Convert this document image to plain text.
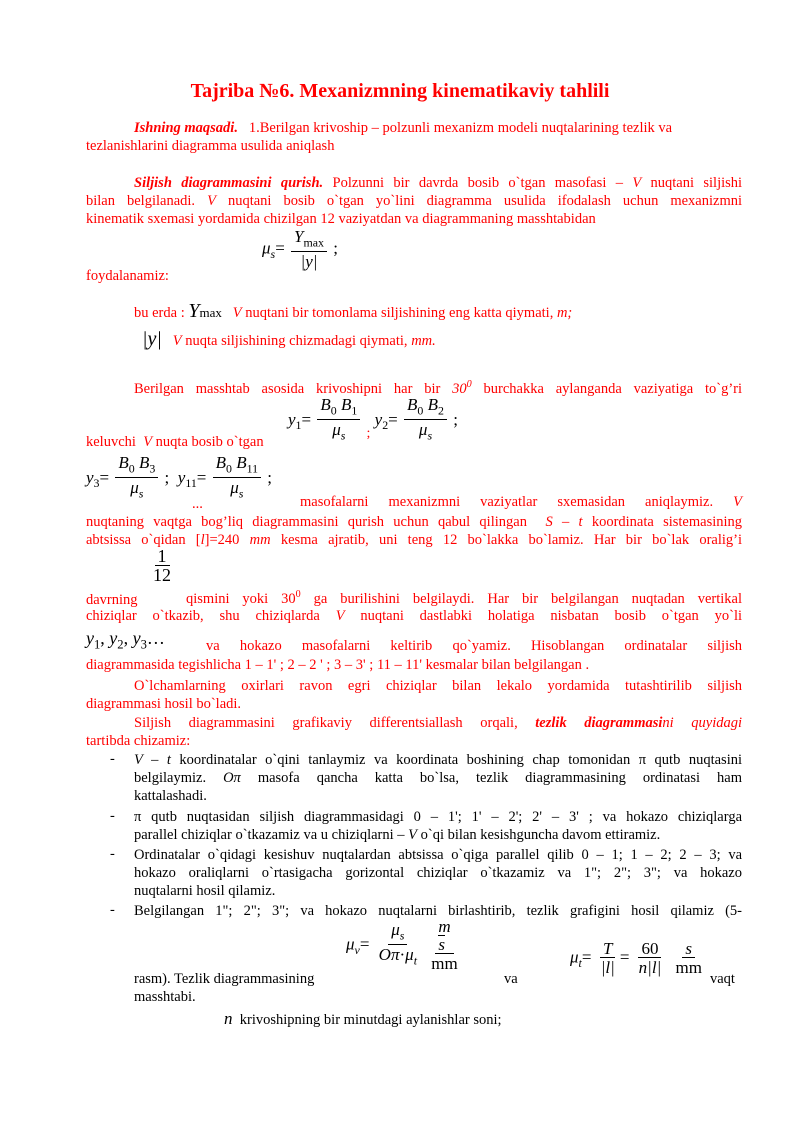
Tajriba №6. Mexanizmning kinematikaviy tahlili
Ishning maqsadi. 1.Berilgan krivoship – polzunli mexanizm modeli nuqtalarining tezlik va
tezlanishlarini diagramma usulida aniqlash
Siljish diagrammasini qurish. Polzunni bir davrda bosib o`tgan masofasi – V nuqtani siljishi
bilan belgilanadi. V nuqtani bosib o`tgan yo`lini diagramma usulida ifodalash uchun mexanizmni
kinematik sxemasi yordamida chizilgan 12 vaziyatdan va diagrammaning masshtabidan
$\mu_s= \frac{Y_{max}}{|y|}$ ;
foydalanamiz:
bu erda : Ymax V nuqtani bir tomonlama siljishining eng katta qiymati, m;
|y| V nuqta siljishining chizmadagi qiymati, mm.
Berilgan masshtab asosida krivoshipni har bir $30^0$ burchakka aylanganda vaziyatiga to`g’ri
$y_1= \frac{B_0 B_1}{\mu_s} _;$ $y_2= \frac{B_0 B_2}{\mu_s}$ ;
keluvchi V nuqta bosib o`tgan
$y_3= \frac{B_0 B_3}{\mu_s}$ ; $y_{11}= \frac{B_0 B_{11}}{\mu_s}$ ;
...	masofalarni mexanizmni vaziyatlar sxemasidan aniqlaymiz. V
nuqtaning vaqtga bog’liq diagrammasini qurish uchun qabul qilingan S – t koordinata sistemasining
abtsissa o`qidan [l]=240 mm kesma ajratib, uni teng 12 bo`lakka bo`lamiz. Har bir bo`lak oralig’i
$\frac{1}{12}$
davrning	qismini yoki $30^0$ ga burilishini belgilaydi. Har bir belgilangan nuqtadan vertikal
chiziqlar o`tkazib, shu chiziqlarda V nuqtani dastlabki holatiga nisbatan bosib o`tgan yo`li
$y_1$, $y_2$, $y_3\dots$	va hokazo masofalarni keltirib qo`yamiz. Hisoblangan ordinatalar siljish
diagrammasida tegishlicha 1 – 1' ; 2 – 2 ' ; 3 – 3' ; 11 – 11' kesmalar bilan belgilangan .
O`lchamlarning oxirlari ravon egri chiziqlar bilan lekalo yordamida tutashtirilib siljish
diagrammasi hosil bo`ladi.
Siljish diagrammasini grafikaviy differentsiallash orqali, tezlik diagrammasini quyidagi
tartibda chizamiz:
- V – t koordinatalar o`qini tanlaymiz va koordinata boshining chap tomonidan π qutb nuqtasini
belgilaymiz. Oπ masofa qancha katta bo`lsa, tezlik diagrammasining ordinatasi ham
kattalashadi.
- π qutb nuqtasidan siljish diagrammasidagi 0 – 1'; 1' – 2'; 2' – 3' ; va hokazo chiziqlarga
parallel chiziqlar o`tkazamiz va u chiziqlarni – V o`qi bilan kesishguncha davom ettiramiz.
- Ordinatalar o`qidagi kesishuv nuqtalardan abtsissa o`qiga parallel qilib 0 – 1; 1 – 2; 2 – 3; va
hokazo oraliqlarni o`rtasigacha gorizontal chiziqlar o`tkazamiz va 1"; 2"; 3"; va hokazo
nuqtalarni hosil qilamiz.
- Belgilangan 1"; 2"; 3"; va hokazo nuqtalarni birlashtirib, tezlik grafigini hosil qilamiz (5-
$\mu_v= \frac{\mu_s}{O\pi\cdot\mu_t}$
m
s
mm	$\mu_t= \frac{T}{|l|} = \frac{60}{n|l|}$
$\frac{s}{mm}$
rasm). Tezlik diagrammasining	va	vaqt
masshtabi.
n krivoshipning bir minutdagi aylanishlar soni;
